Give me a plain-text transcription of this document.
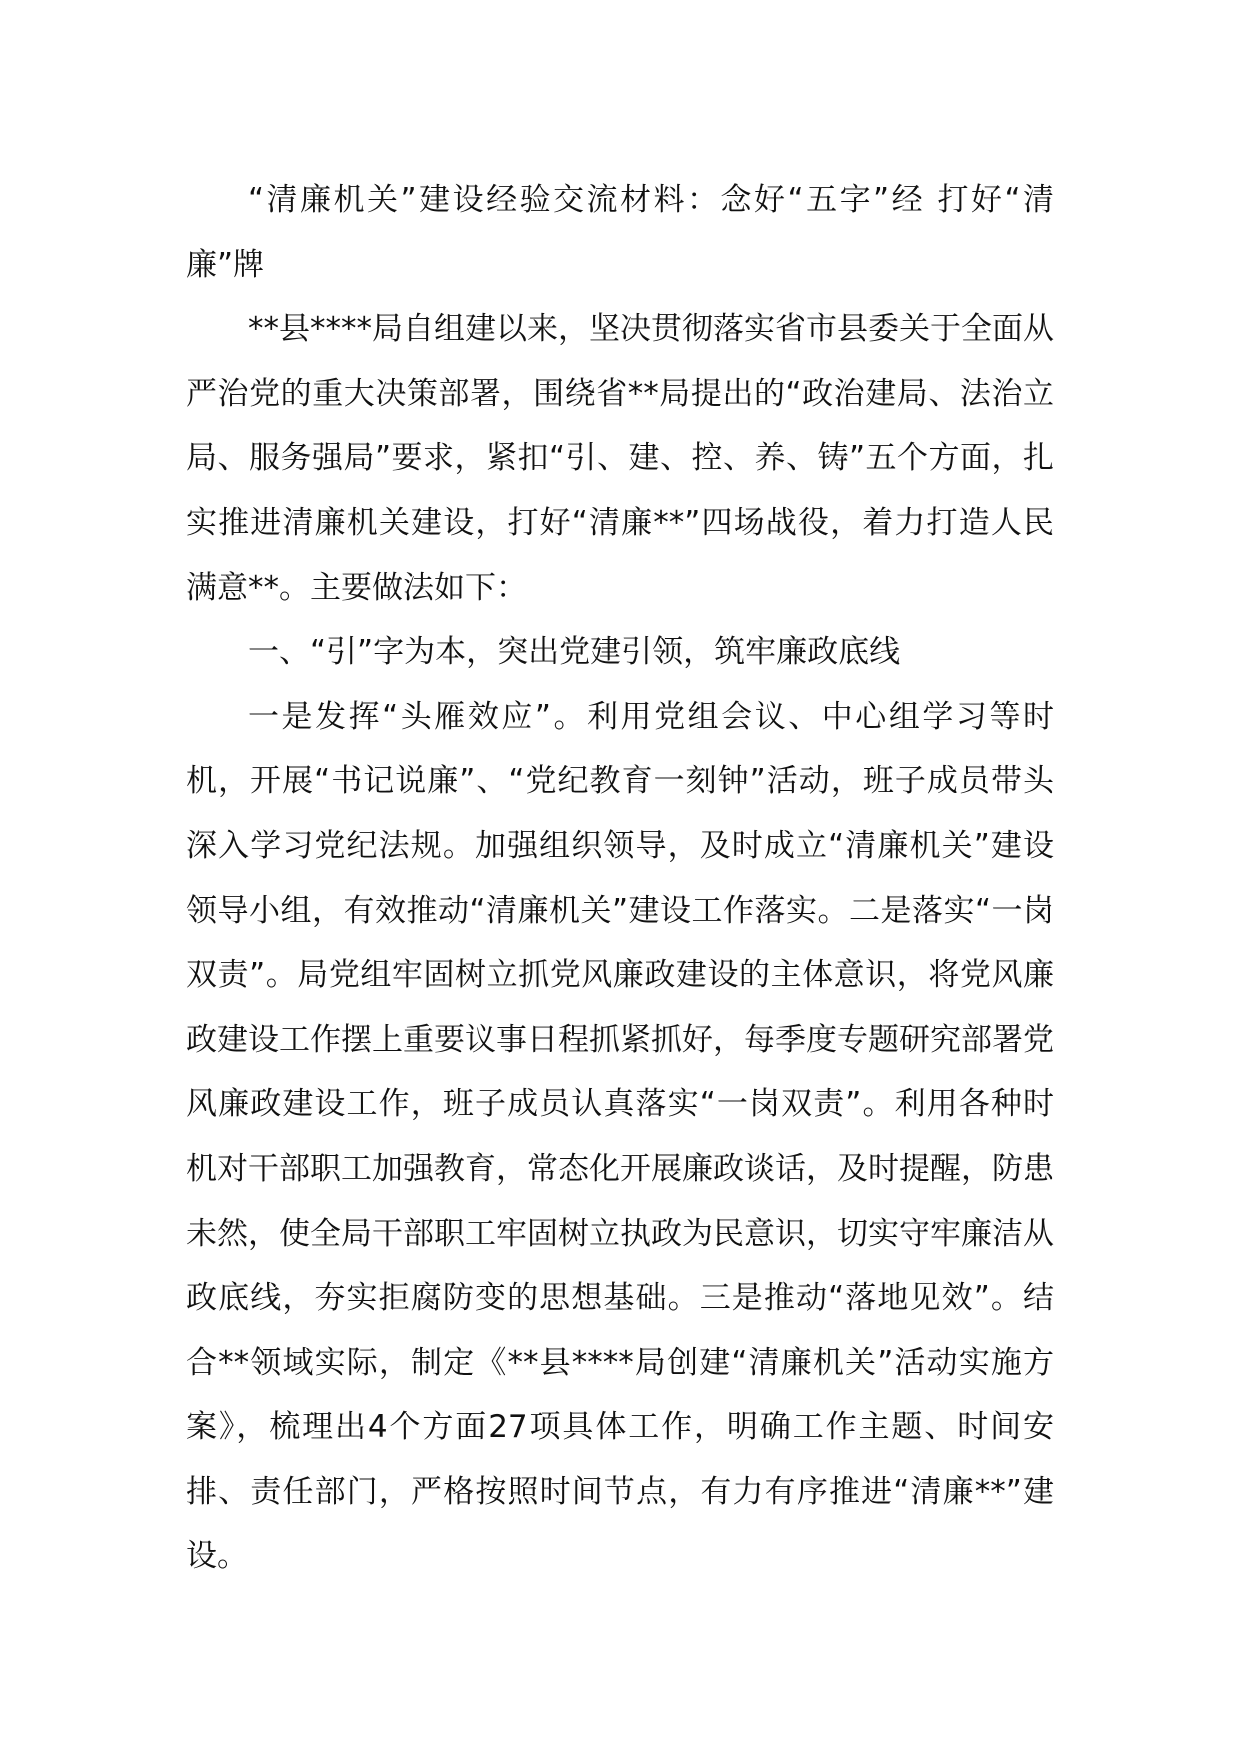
“清廉机关”建设经验交流材料：念好“五字”经 打好“清廉”牌

**县****局自组建以来，坚决贯彻落实省市县委关于全面从严治党的重大决策部署，围绕省**局提出的“政治建局、法治立局、服务强局”要求，紧扣“引、建、控、养、铸”五个方面，扎实推进清廉机关建设，打好“清廉**”四场战役，着力打造人民满意**。主要做法如下：

一、“引”字为本，突出党建引领，筑牢廉政底线

一是发挥“头雁效应”。利用党组会议、中心组学习等时机，开展“书记说廉”、“党纪教育一刻钟”活动，班子成员带头深入学习党纪法规。加强组织领导，及时成立“清廉机关”建设领导小组，有效推动“清廉机关”建设工作落实。二是落实“一岗双责”。局党组牢固树立抓党风廉政建设的主体意识，将党风廉政建设工作摆上重要议事日程抓紧抓好，每季度专题研究部署党风廉政建设工作，班子成员认真落实“一岗双责”。利用各种时机对干部职工加强教育，常态化开展廉政谈话，及时提醒，防患未然，使全局干部职工牢固树立执政为民意识，切实守牢廉洁从政底线，夯实拒腐防变的思想基础。三是推动“落地见效”。结合**领域实际，制定《**县****局创建“清廉机关”活动实施方案》，梳理出4个方面27项具体工作，明确工作主题、时间安排、责任部门，严格按照时间节点，有力有序推进“清廉**”建设。
